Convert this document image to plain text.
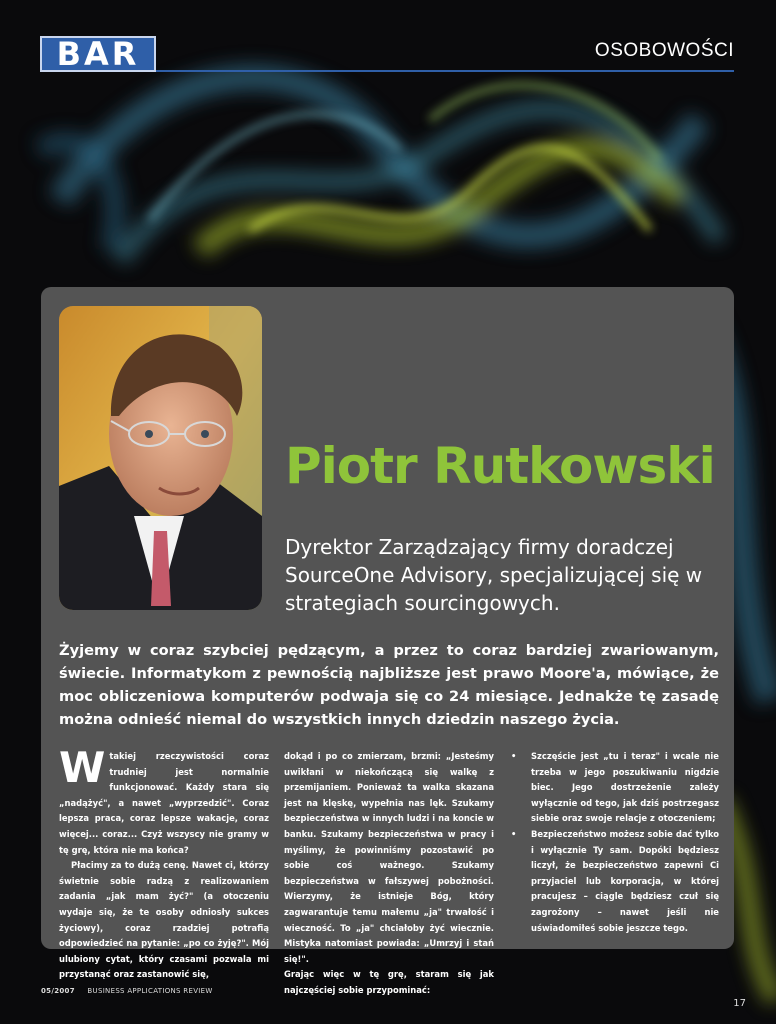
BAR	OSOBOWOŚCI
Piotr Rutkowski
Dyrektor Zarządzający firmy doradczej SourceOne Advisory, specjalizującej się w strategiach sourcingowych.
Żyjemy w coraz szybciej pędzącym, a przez to coraz bardziej zwariowanym, świecie. Informatykom z pewnością najbliższe jest prawo Moore'a, mówiące, że moc obliczeniowa komputerów podwaja się co 24 miesiące. Jednakże tę zasadę można odnieść niemal do wszystkich innych dziedzin naszego życia.

Wtakiej rzeczywistości coraz trudniej jest normalnie funkcjonować. Każdy stara się „nadążyć", a nawet „wyprzedzić". Coraz lepsza praca, coraz lepsze wakacje, coraz więcej... coraz... Czyż wszyscy nie gramy w tę grę, która nie ma końca?

Płacimy za to dużą cenę. Nawet ci, którzy świetnie sobie radzą z realizowaniem zadania „jak mam żyć?" (a otoczeniu wydaje się, że te osoby odniosły sukces życiowy), coraz rzadziej potrafią odpowiedzieć na pytanie: „po co żyję?". Mój ulubiony cytat, który czasami pozwala mi przystanąć oraz zastanowić się,

dokąd i po co zmierzam, brzmi: „Jesteśmy uwikłani w niekończącą się walkę z przemijaniem. Ponieważ ta walka skazana jest na klęskę, wypełnia nas lęk. Szukamy bezpieczeństwa w innych ludzi i na koncie w banku. Szukamy bezpieczeństwa w pracy i myślimy, że powinniśmy pozostawić po sobie coś ważnego. Szukamy bezpieczeństwa w fałszywej pobożności. Wierzymy, że istnieje Bóg, który zagwarantuje temu małemu „ja" trwałość i wieczność. To „ja" chciałoby żyć wiecznie. Mistyka natomiast powiada: „Umrzyj i stań się!".

Grając więc w tę grę, staram się jak najczęściej sobie przypominać:

• Szczęście jest „tu i teraz" i wcale nie trzeba w jego poszukiwaniu nigdzie biec. Jego dostrzeżenie zależy wyłącznie od tego, jak dziś postrzegasz siebie oraz swoje relacje z otoczeniem;
• Bezpieczeństwo możesz sobie dać tylko i wyłącznie Ty sam. Dopóki będziesz liczył, że bezpieczeństwo zapewni Ci przyjaciel lub korporacja, w której pracujesz – ciągle będziesz czuł się zagrożony – nawet jeśli nie uświadomiłeś sobie jeszcze tego.
05/2007 BUSINESS APPLICATIONS REVIEW
17
